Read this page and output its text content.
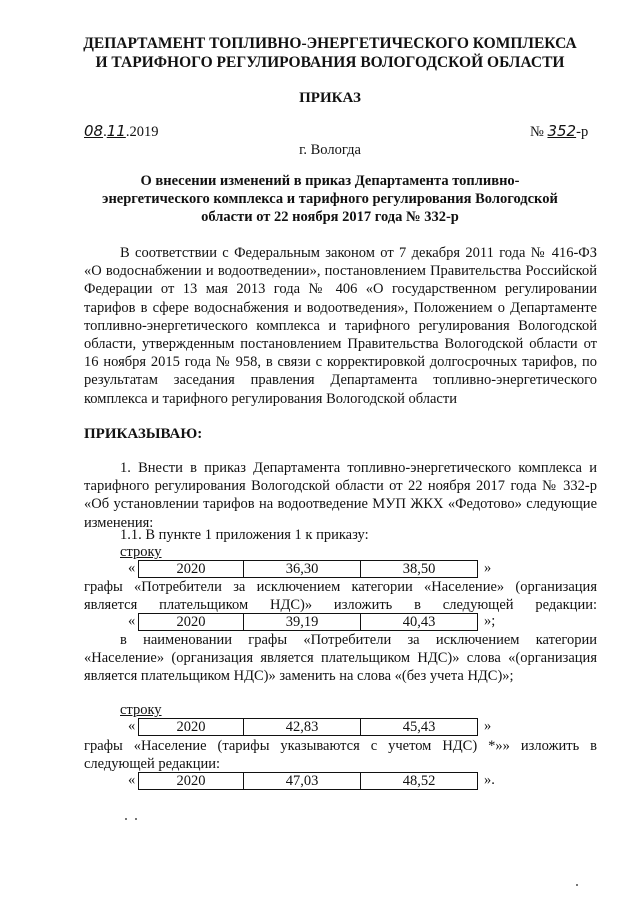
ДЕПАРТАМЕНТ ТОПЛИВНО-ЭНЕРГЕТИЧЕСКОГО КОМПЛЕКСА
И ТАРИФНОГО РЕГУЛИРОВАНИЯ ВОЛОГОДСКОЙ ОБЛАСТИ
ПРИКАЗ
08.11.2019	№ 352-р
г. Вологда
О внесении изменений в приказ Департамента топливно-
энергетического комплекса и тарифного регулирования Вологодской
области от 22 ноября 2017 года № 332-р
В соответствии с Федеральным законом от 7 декабря 2011 года № 416-ФЗ «О водоснабжении и водоотведении», постановлением Правительства Российской Федерации от 13 мая 2013 года № 406 «О государственном регулировании тарифов в сфере водоснабжения и водоотведения», Положением о Департаменте топливно-энергетического комплекса и тарифного регулирования Вологодской области, утвержденным постановлением Правительства Вологодской области от 16 ноября 2015 года № 958, в связи с корректировкой долгосрочных тарифов, по результатам заседания правления Департамента топливно-энергетического комплекса и тарифного регулирования Вологодской области
ПРИКАЗЫВАЮ:
1. Внести в приказ Департамента топливно-энергетического комплекса и тарифного регулирования Вологодской области от 22 ноября 2017 года № 332-р «Об установлении тарифов на водоотведение МУП ЖКХ «Федотово» следующие изменения:
1.1. В пункте 1 приложения 1 к приказу:
строку
«	2020	36,30	38,50	»
графы «Потребители за исключением категории «Население» (организация является плательщиком НДС)» изложить в следующей редакции:
«	2020	39,19	40,43	»;
в наименовании графы «Потребители за исключением категории «Население» (организация является плательщиком НДС)» слова «(организация является плательщиком НДС)» заменить на слова «(без учета НДС)»;
строку
«	2020	42,83	45,43	»
графы «Население (тарифы указываются с учетом НДС) *»» изложить в следующей редакции:
«	2020	47,03	48,52	».
